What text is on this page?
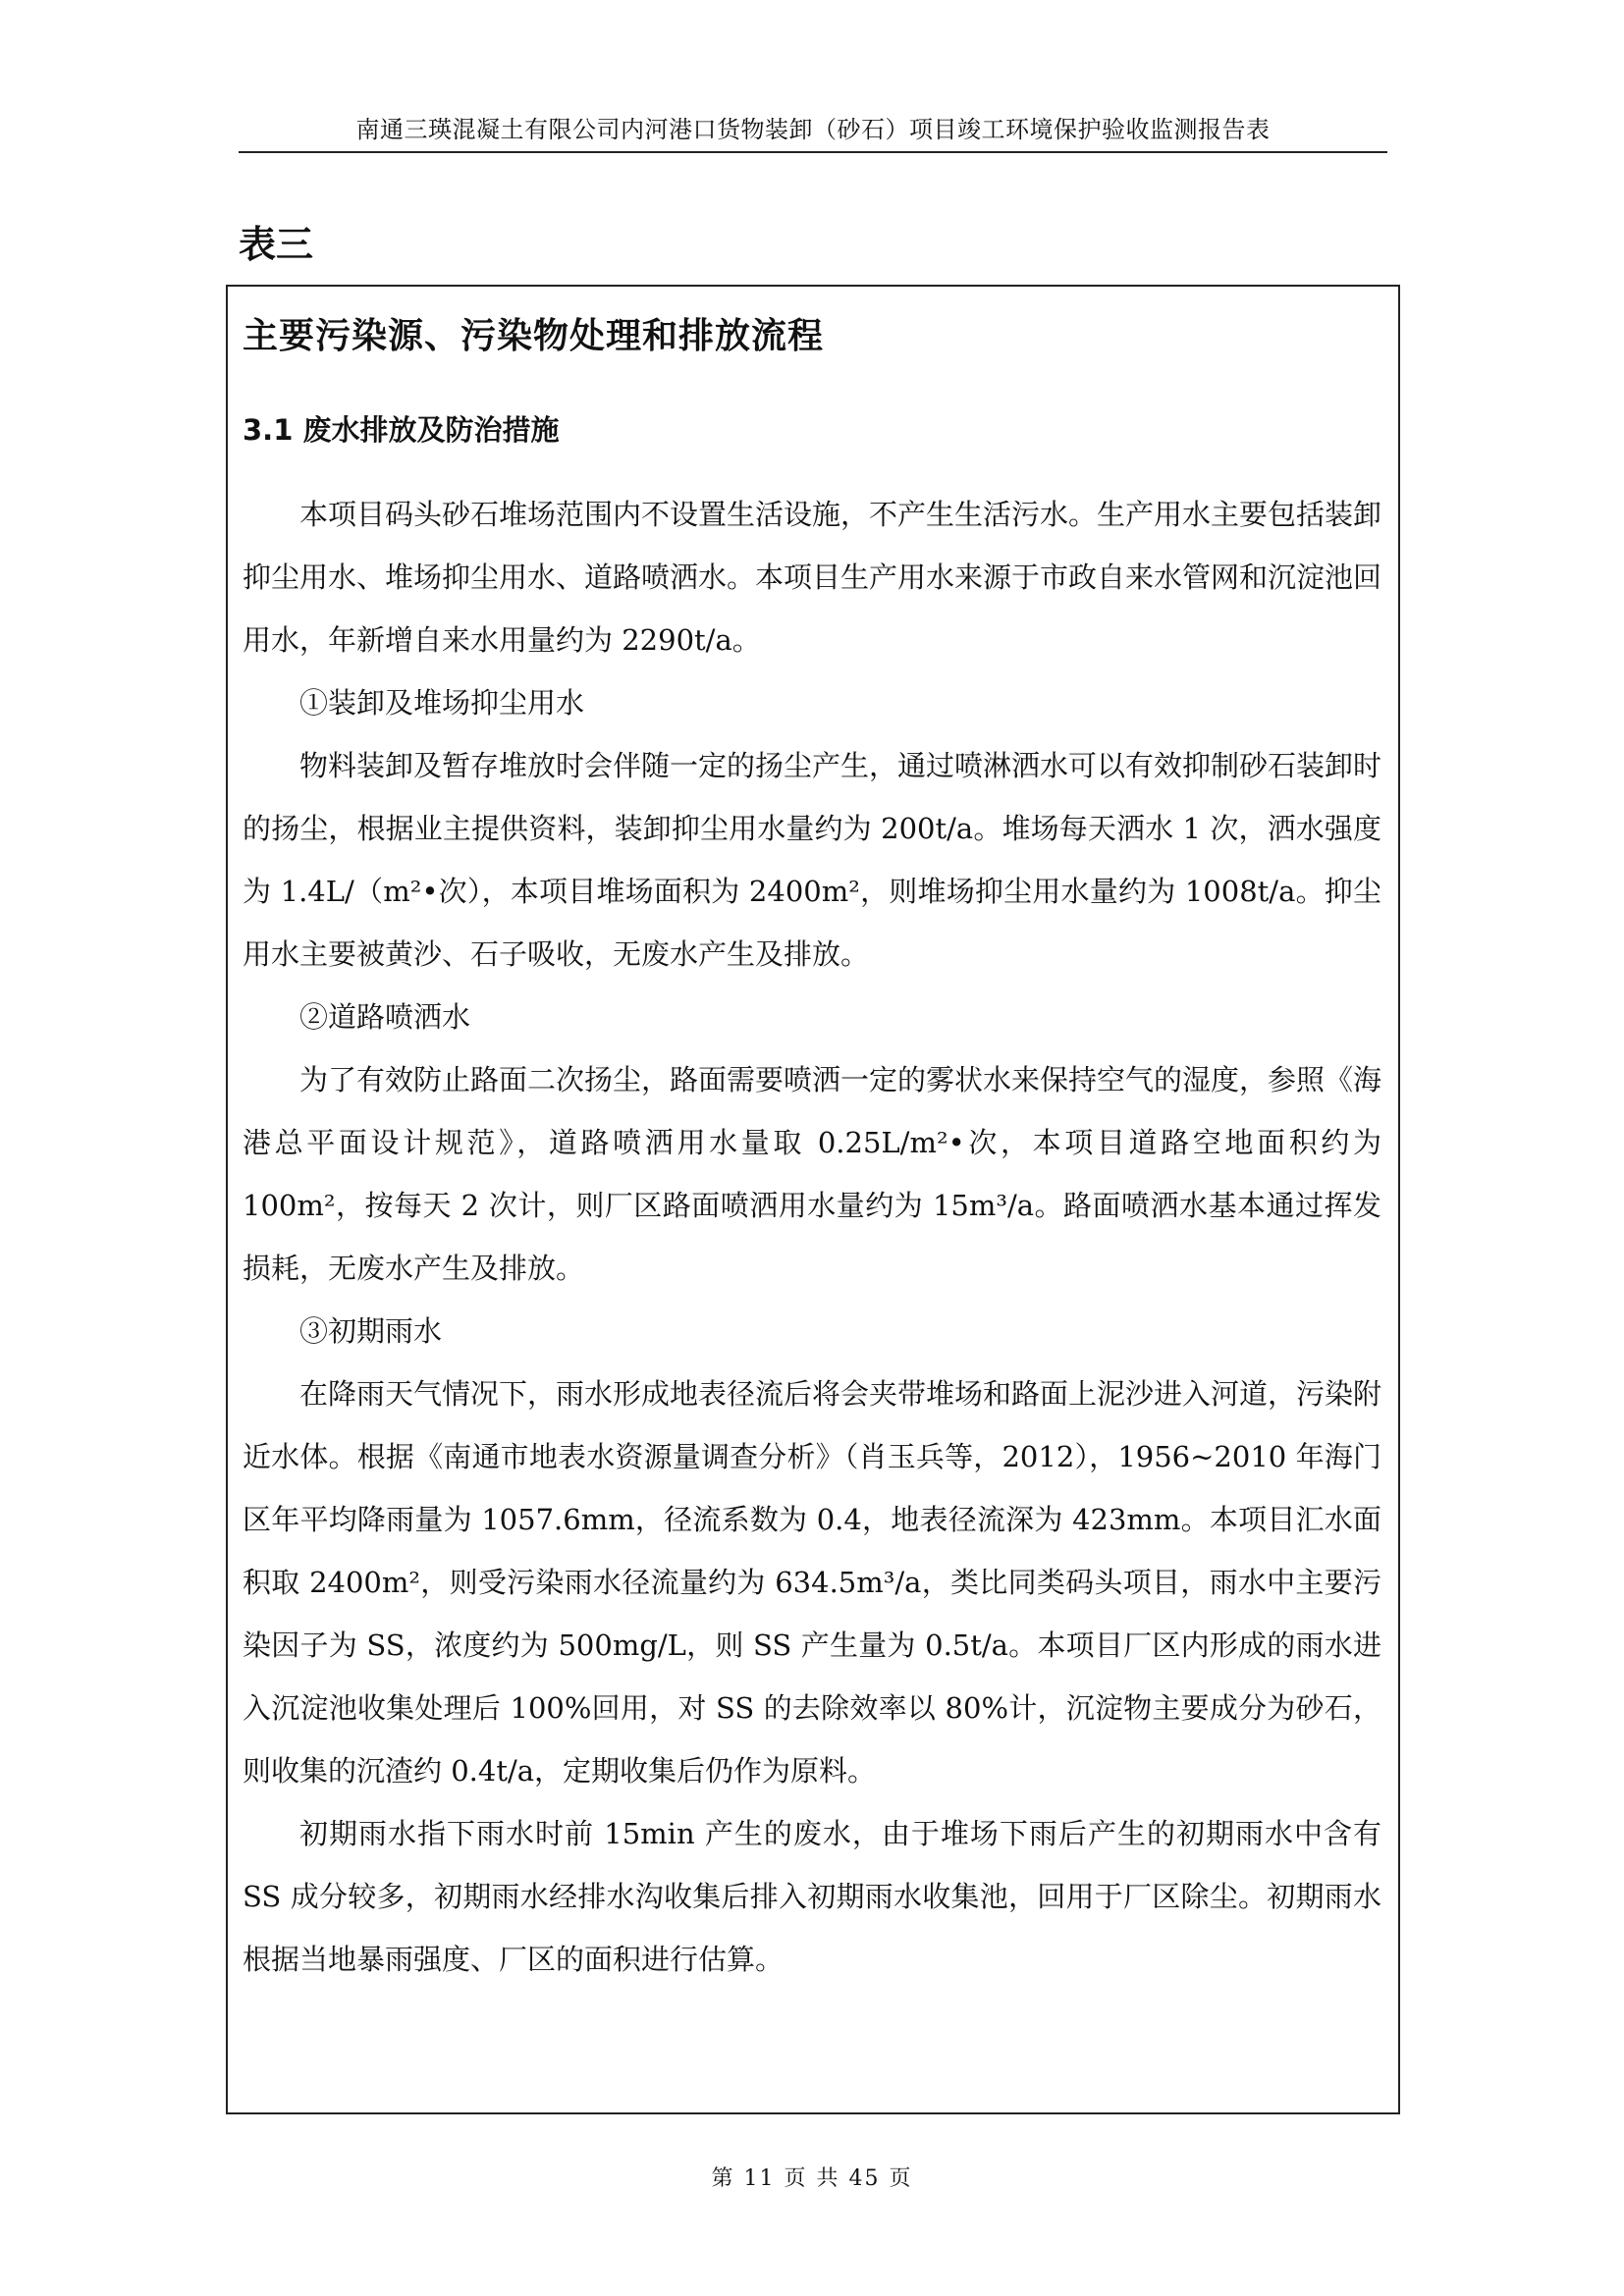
南通三瑛混凝土有限公司内河港口货物装卸（砂石）项目竣工环境保护验收监测报告表
表三
主要污染源、污染物处理和排放流程
3.1 废水排放及防治措施

本项目码头砂石堆场范围内不设置生活设施，不产生生活污水。生产用水主要包括装卸抑尘用水、堆场抑尘用水、道路喷洒水。本项目生产用水来源于市政自来水管网和沉淀池回用水，年新增自来水用量约为 2290t/a。

①装卸及堆场抑尘用水

物料装卸及暂存堆放时会伴随一定的扬尘产生，通过喷淋洒水可以有效抑制砂石装卸时的扬尘，根据业主提供资料，装卸抑尘用水量约为 200t/a。堆场每天洒水 1 次，洒水强度为 1.4L/（m²•次），本项目堆场面积为 2400m²，则堆场抑尘用水量约为 1008t/a。抑尘用水主要被黄沙、石子吸收，无废水产生及排放。

②道路喷洒水

为了有效防止路面二次扬尘，路面需要喷洒一定的雾状水来保持空气的湿度，参照《海港总平面设计规范》，道路喷洒用水量取 0.25L/m²•次，本项目道路空地面积约为 100m²，按每天 2 次计，则厂区路面喷洒用水量约为 15m³/a。路面喷洒水基本通过挥发损耗，无废水产生及排放。

③初期雨水

在降雨天气情况下，雨水形成地表径流后将会夹带堆场和路面上泥沙进入河道，污染附近水体。根据《南通市地表水资源量调查分析》（肖玉兵等，2012），1956~2010 年海门区年平均降雨量为 1057.6mm，径流系数为 0.4，地表径流深为 423mm。本项目汇水面积取 2400m²，则受污染雨水径流量约为 634.5m³/a，类比同类码头项目，雨水中主要污染因子为 SS，浓度约为 500mg/L，则 SS 产生量为 0.5t/a。本项目厂区内形成的雨水进入沉淀池收集处理后 100%回用，对 SS 的去除效率以 80%计，沉淀物主要成分为砂石，则收集的沉渣约 0.4t/a，定期收集后仍作为原料。

初期雨水指下雨水时前 15min 产生的废水，由于堆场下雨后产生的初期雨水中含有 SS 成分较多，初期雨水经排水沟收集后排入初期雨水收集池，回用于厂区除尘。初期雨水根据当地暴雨强度、厂区的面积进行估算。

第 11 页 共 45 页
